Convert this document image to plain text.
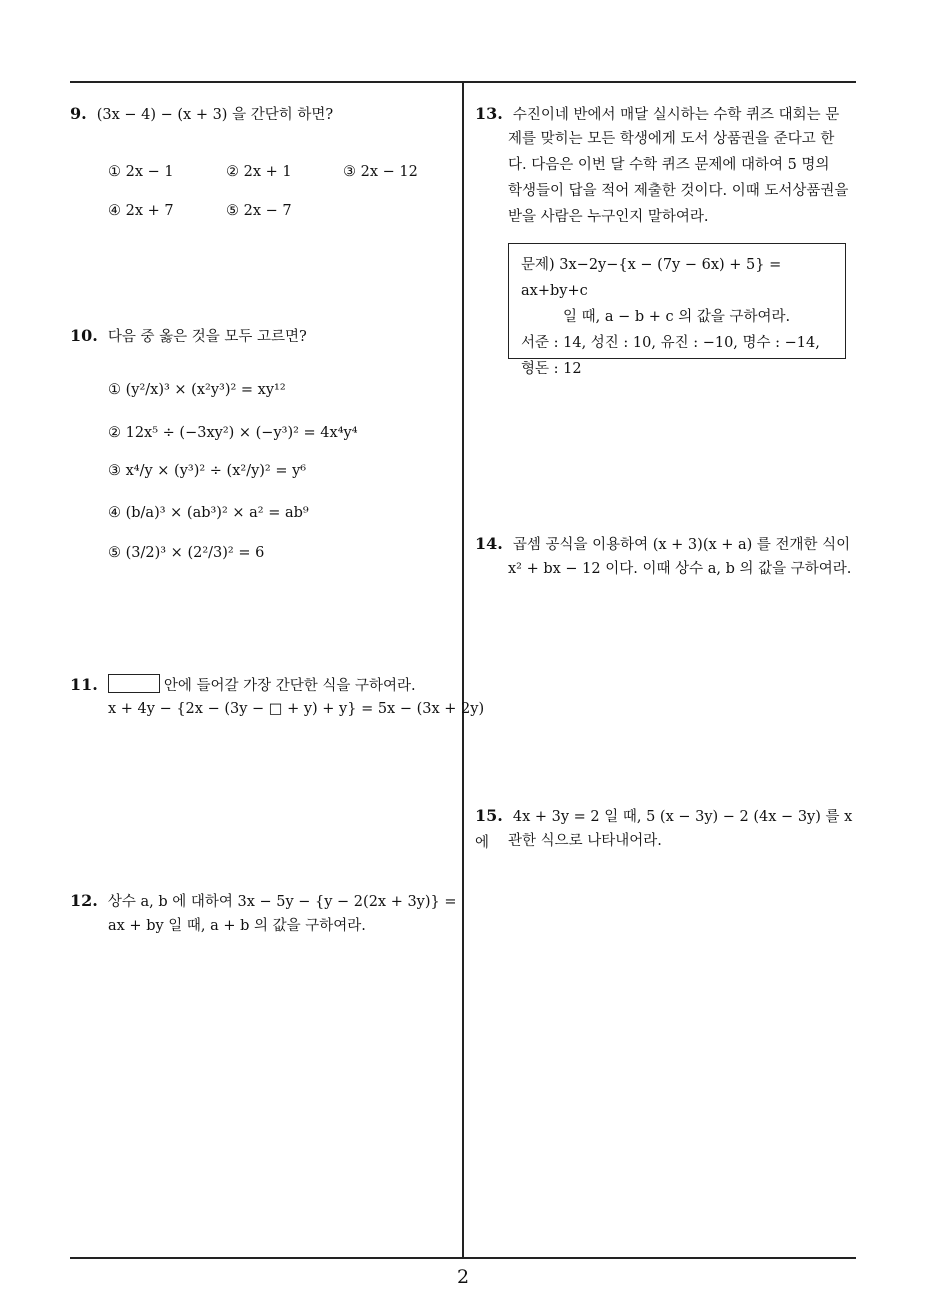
9. (3x − 4) − (x + 3) 을 간단히 하면?
① 2x − 1	② 2x + 1	③ 2x − 12
④ 2x + 7	⑤ 2x − 7
10. 다음 중 옳은 것을 모두 고르면?
① (y²/x)³ × (x²y³)² = xy¹²
② 12x⁵ ÷ (−3xy²) × (−y³)² = 4x⁴y⁴
③ x⁴/y × (y³)² ÷ (x²/y)² = y⁶
④ (b/a)³ × (ab³)² × a² = ab⁹
⑤ (3/2)³ × (2²/3)² = 6
11.	안에 들어갈 가장 간단한 식을 구하여라.
x + 4y − {2x − (3y − □ + y) + y} = 5x − (3x + 2y)
12. 상수 a, b 에 대하여 3x − 5y − {y − 2(2x + 3y)} =
ax + by 일 때, a + b 의 값을 구하여라.
13. 수진이네 반에서 매달 실시하는 수학 퀴즈 대회는 문
제를 맞히는 모든 학생에게 도서 상품권을 준다고 한
다. 다음은 이번 달 수학 퀴즈 문제에 대하여 5 명의
학생들이 답을 적어 제출한 것이다. 이때 도서상품권을
받을 사람은 누구인지 말하여라.
문제) 3x−2y−{x − (7y − 6x) + 5} = ax+by+c
일 때, a − b + c 의 값을 구하여라.
서준 : 14, 성진 : 10, 유진 : −10, 명수 : −14,
형돈 : 12
14. 곱셈 공식을 이용하여 (x + 3)(x + a) 를 전개한 식이
x² + bx − 12 이다. 이때 상수 a, b 의 값을 구하여라.
15. 4x + 3y = 2 일 때, 5 (x − 3y) − 2 (4x − 3y) 를 x 에	관한 식으로 나타내어라.
2
